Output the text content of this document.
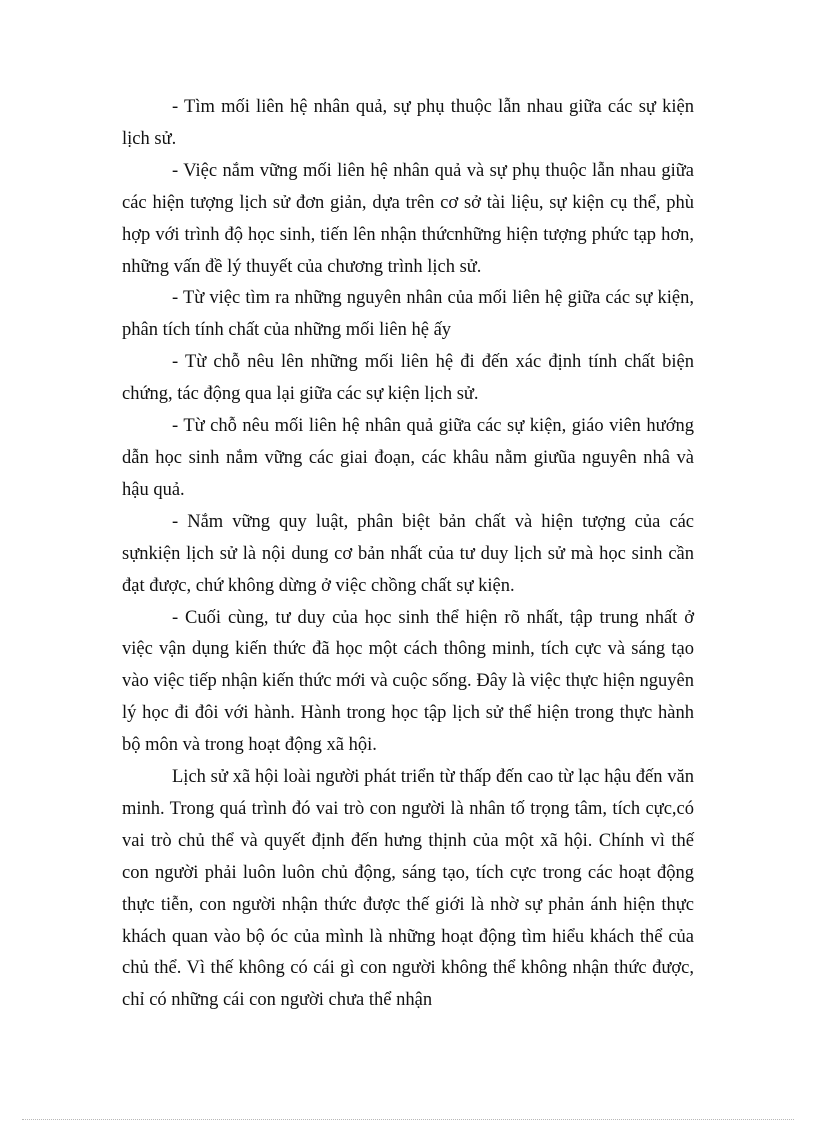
- Tìm mối liên hệ nhân quả, sự phụ thuộc lẫn nhau giữa các sự kiện lịch sử.

- Việc nắm vững mối liên hệ nhân quả và sự phụ thuộc lẫn nhau giữa các hiện tượng lịch sử đơn giản, dựa trên cơ sở tài liệu, sự kiện cụ thể, phù hợp với trình độ học sinh, tiến lên nhận thứcnhững hiện tượng phức tạp hơn, những vấn đề lý thuyết của chương trình lịch sử.

- Từ việc tìm ra những nguyên nhân của mối liên hệ giữa các sự kiện, phân tích tính chất của những mối liên hệ ấy

- Từ chỗ nêu lên những mối liên hệ đi đến xác định tính chất biện chứng, tác động qua lại giữa các sự kiện lịch sử.

- Từ chỗ nêu mối liên hệ nhân quả giữa các sự kiện, giáo viên hướng dẫn học sinh nắm vững các giai đoạn, các khâu nằm giưũa nguyên nhâ và hậu quả.

- Nắm vững quy luật, phân biệt bản chất và hiện tượng của các sựnkiện lịch sử là nội dung cơ bản nhất của tư duy lịch sử mà học sinh cần đạt được, chứ không dừng ở việc chồng chất sự kiện.

- Cuối cùng, tư duy của học sinh thể hiện rõ nhất, tập trung nhất ở việc vận dụng kiến thức đã học một cách thông minh, tích cực và sáng tạo vào việc tiếp nhận kiến thức mới và cuộc sống. Đây là việc thực hiện nguyên lý học đi đôi với hành. Hành trong học tập lịch sử thể hiện trong thực hành bộ môn và trong hoạt động xã hội.

Lịch sử xã hội loài người phát triển từ thấp đến cao từ lạc hậu đến văn minh. Trong quá trình đó vai trò con người là nhân tố trọng tâm, tích cực,có vai trò chủ thể và quyết định đến hưng thịnh của một xã hội. Chính vì thế con người phải luôn luôn chủ động, sáng tạo, tích cực trong các hoạt động thực tiễn, con người nhận thức được thế giới là nhờ sự phản ánh hiện thực khách quan vào bộ óc của mình là những hoạt động tìm hiểu khách thể của chủ thể. Vì thế không có cái gì con người không thể không nhận thức được, chỉ có những cái con người chưa thể nhận
